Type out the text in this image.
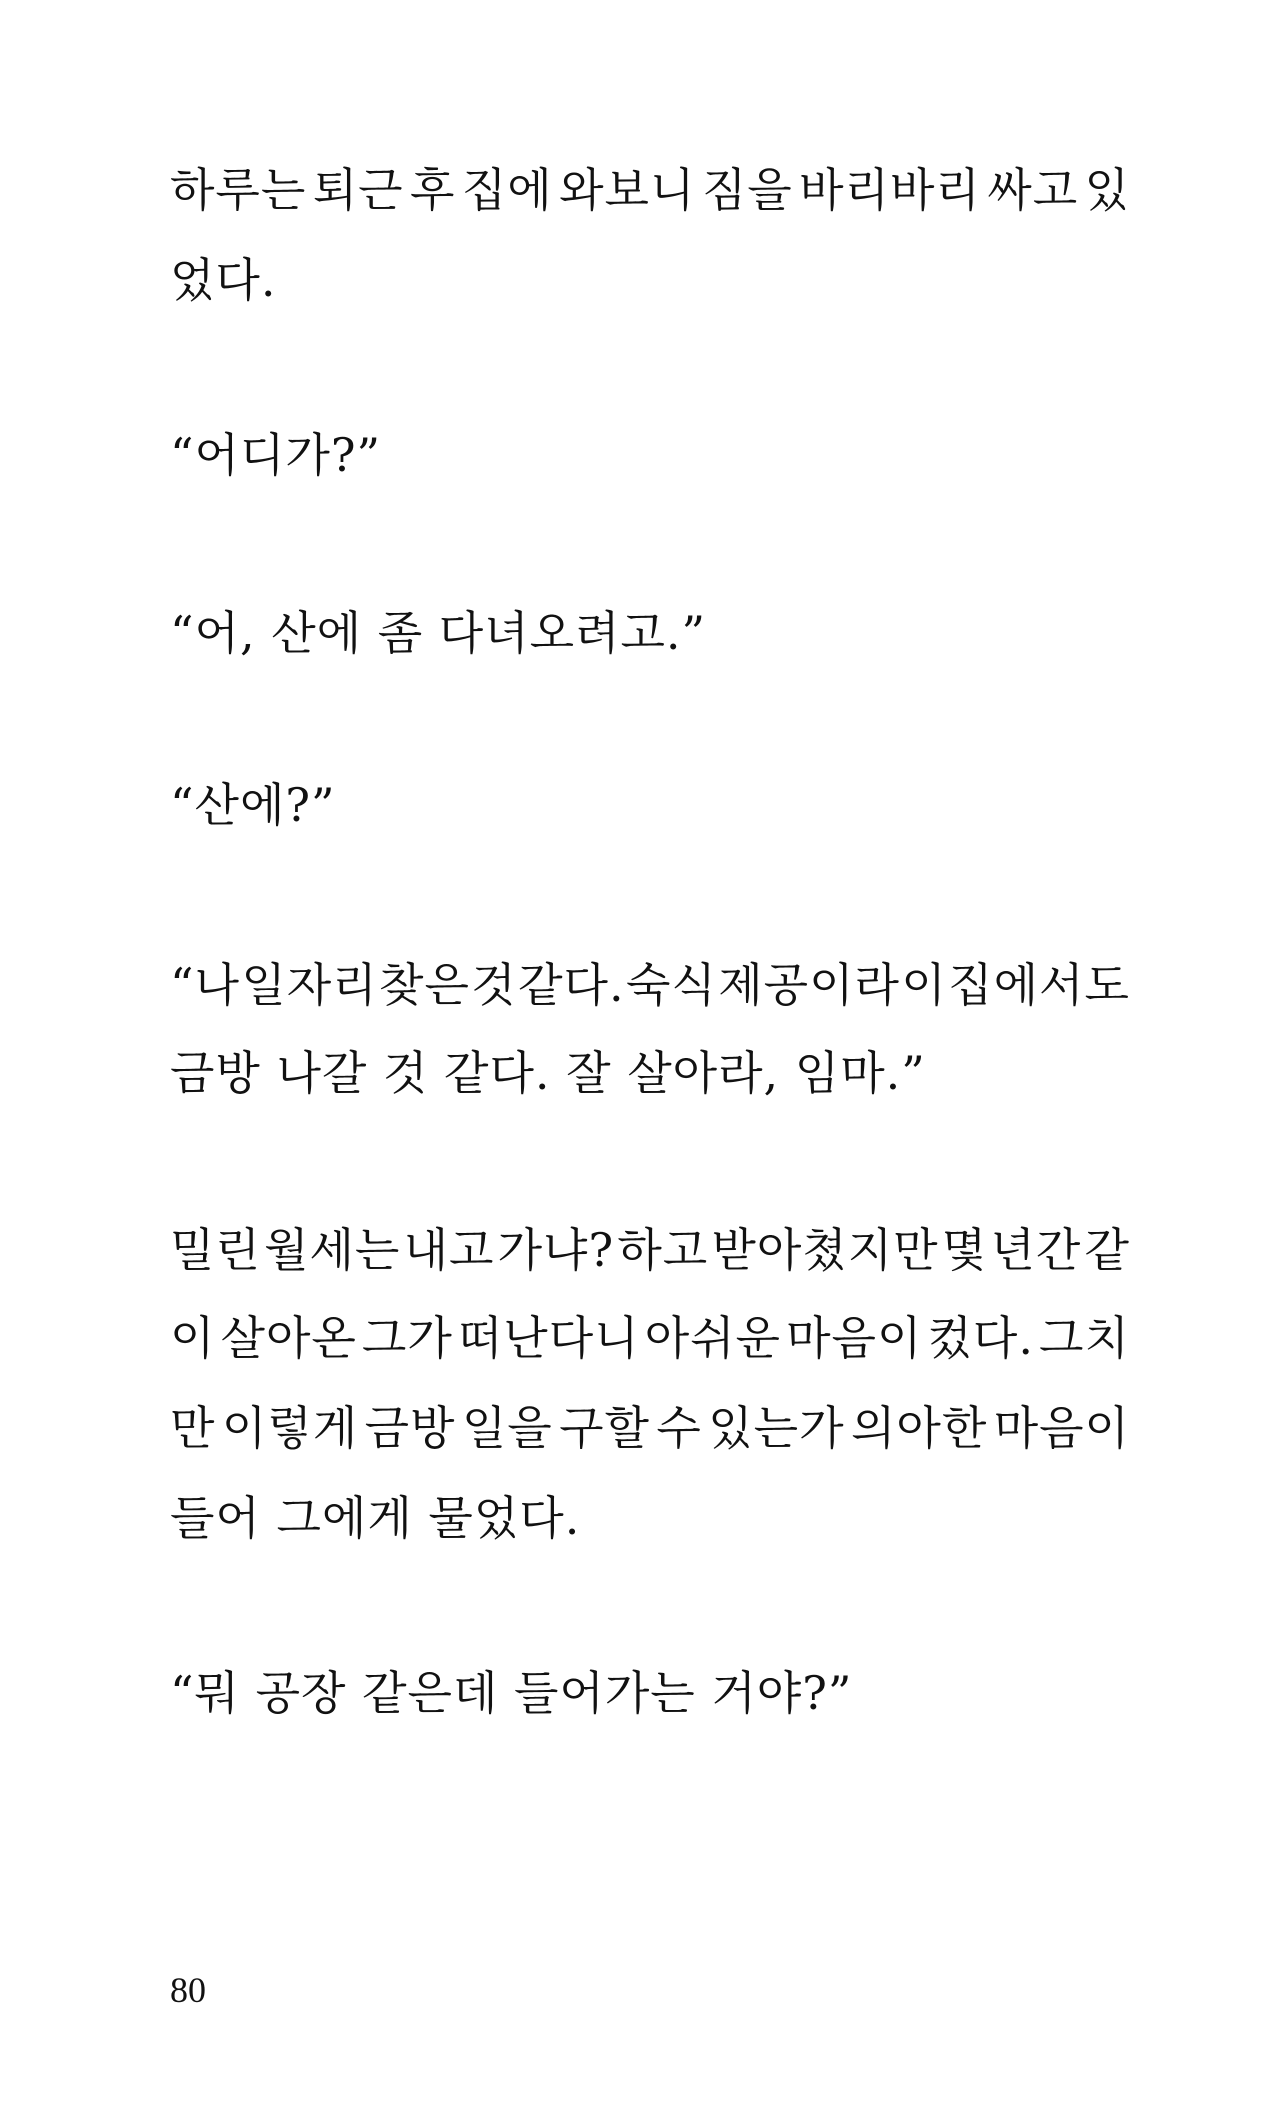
하루는 퇴근 후 집에 와보니 짐을 바리바리 싸고 있
었다.
“어디가?”
“어, 산에 좀 다녀오려고.”
“산에?”
“나 일자리 찾은 것 같다. 숙식 제공이라 이 집에서도
금방 나갈 것 같다. 잘 살아라, 임마.”
밀린 월세는 내고 가냐? 하고 받아쳤지만 몇 년간 같
이 살아온 그가 떠난다니 아쉬운 마음이 컸다. 그치
만 이렇게 금방 일을 구할 수 있는가 의아한 마음이
들어 그에게 물었다.
“뭐 공장 같은데 들어가는 거야?”
80
